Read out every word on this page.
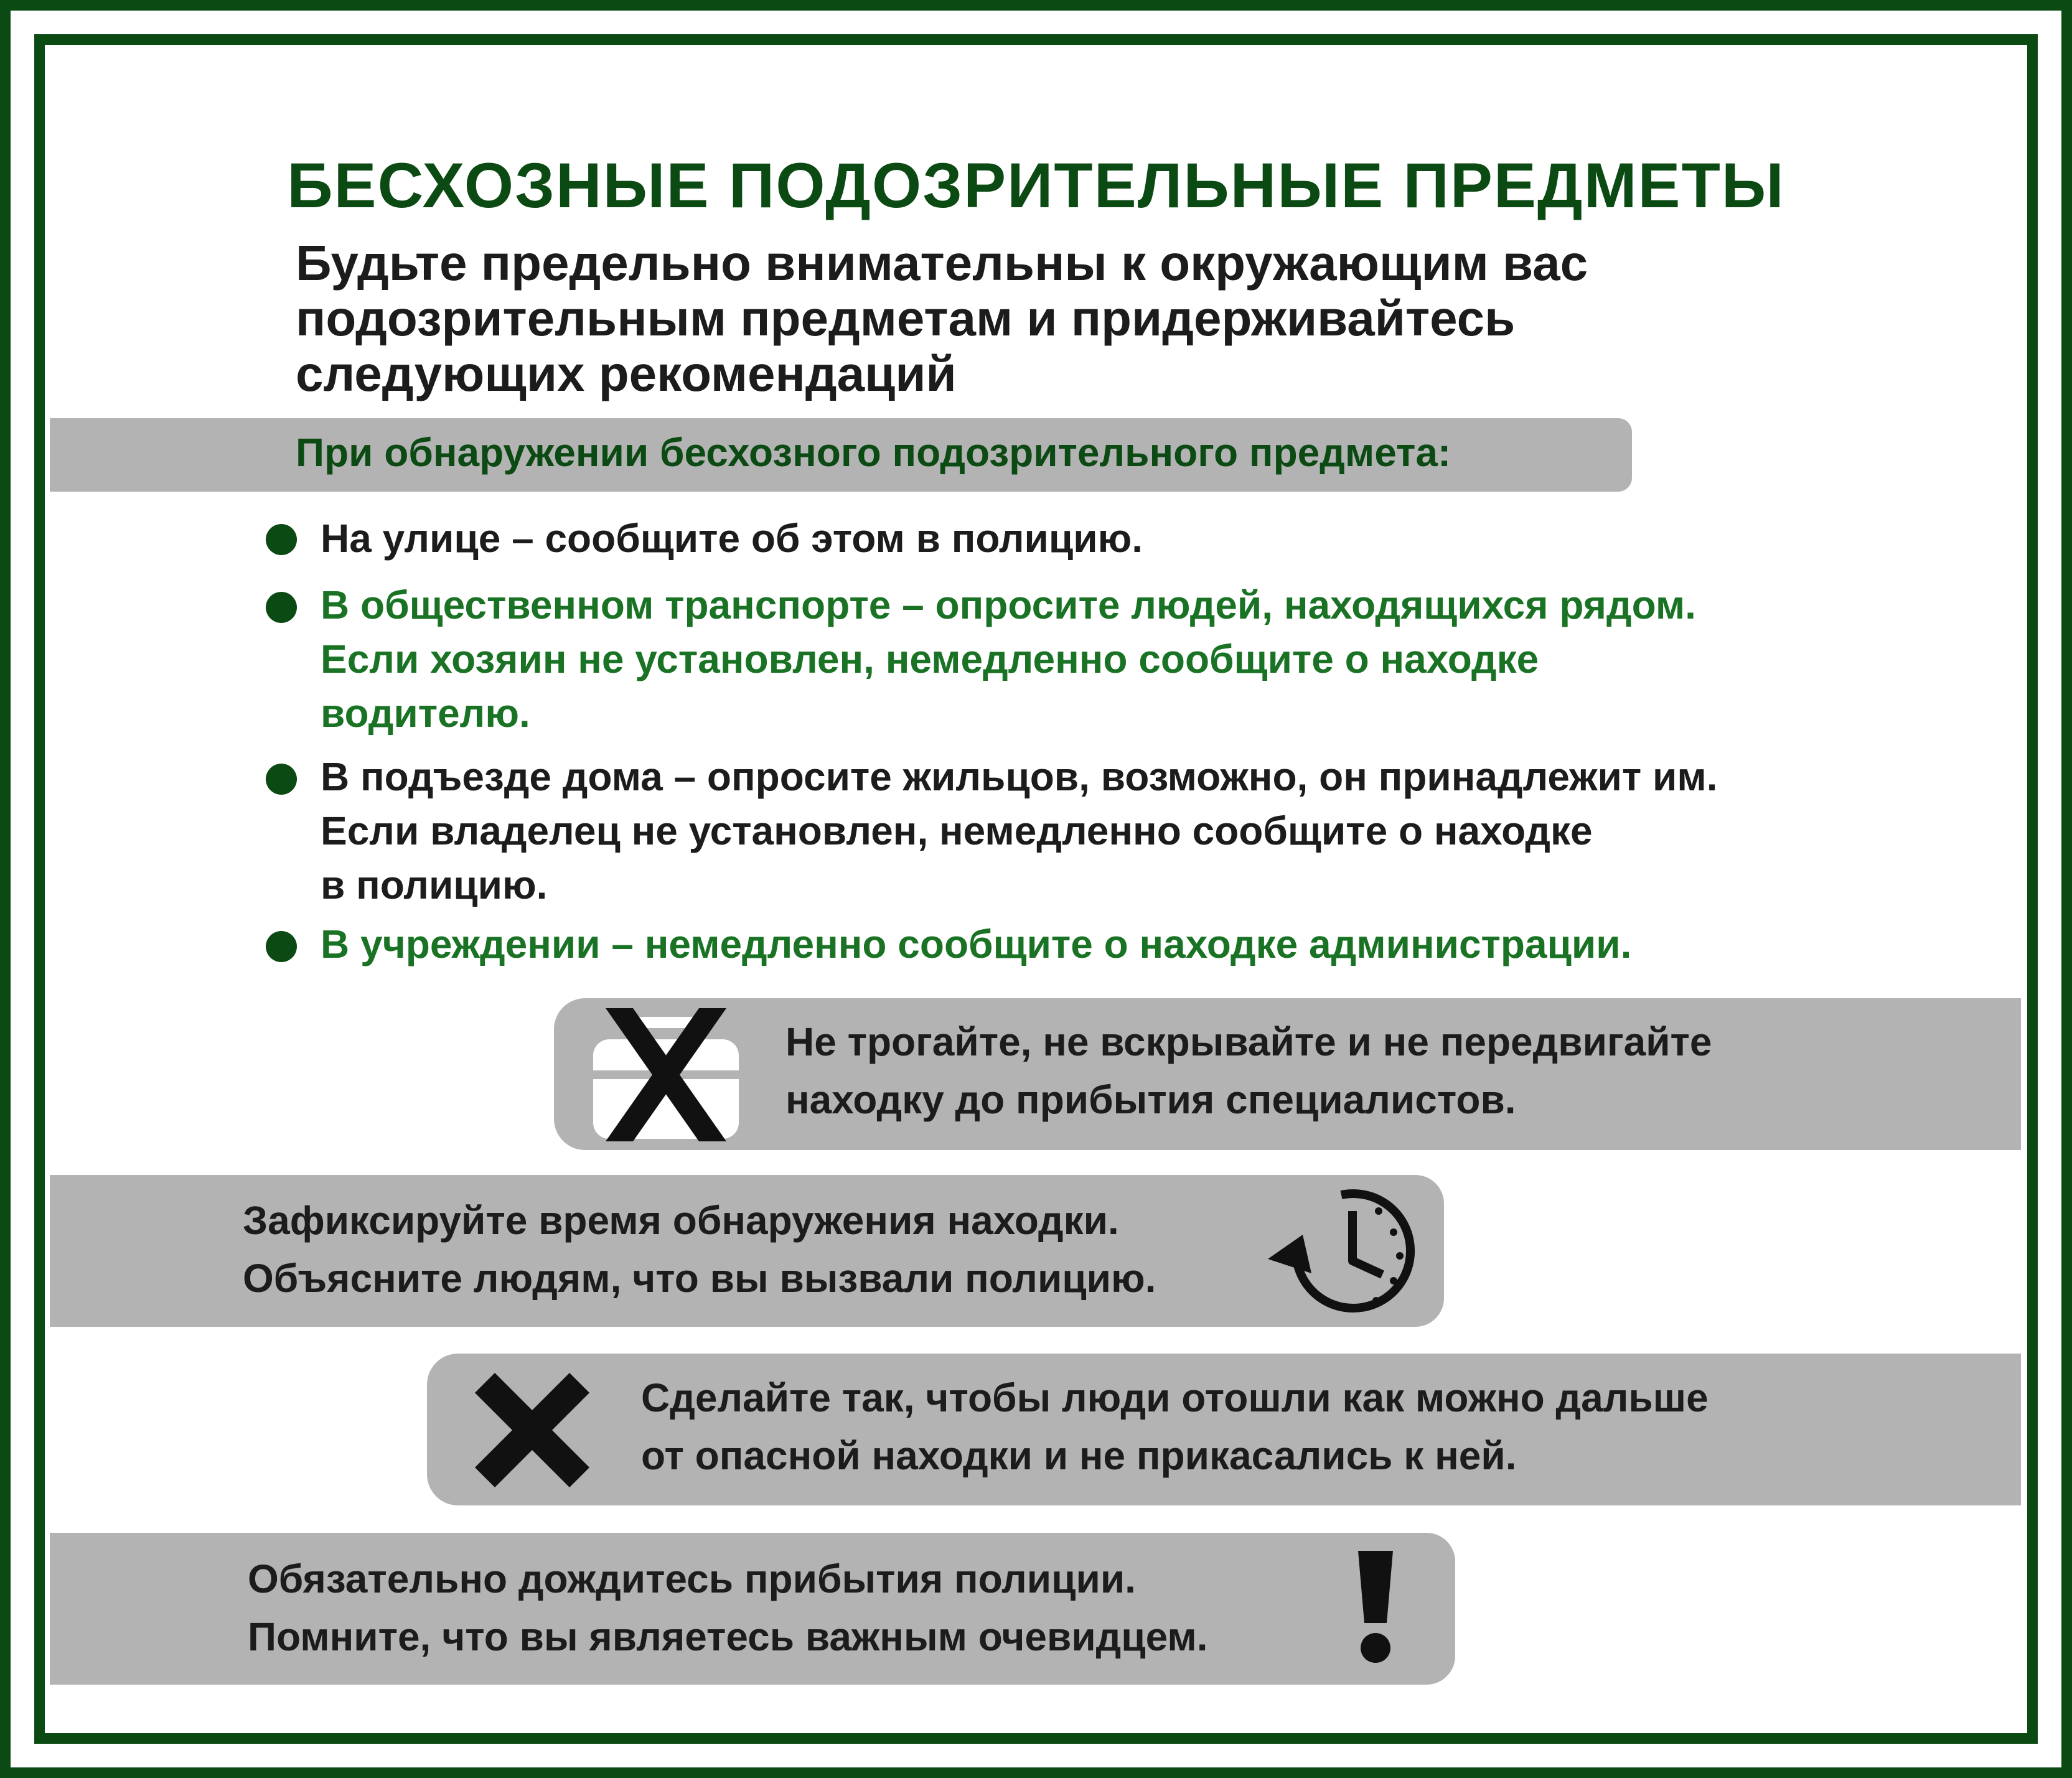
БЕСХОЗНЫЕ ПОДОЗРИТЕЛЬНЫЕ ПРЕДМЕТЫ
Будьте предельно внимательны к окружающим вас
подозрительным предметам и придерживайтесь
следующих рекомендаций
При обнаружении бесхозного подозрительного предмета:
На улице – сообщите об этом в полицию.
В общественном транспорте – опросите людей, находящихся рядом.
Если хозяин не установлен, немедленно сообщите о находке
водителю.
В подъезде дома – опросите жильцов, возможно, он принадлежит им.
Если владелец не установлен, немедленно сообщите о находке
в полицию.
В учреждении – немедленно сообщите о находке администрации.
Не трогайте, не вскрывайте и не передвигайте
находку до прибытия специалистов.
Зафиксируйте время обнаружения находки.
Объясните людям, что вы вызвали полицию.
Сделайте так, чтобы люди отошли как можно дальше
от опасной находки и не прикасались к ней.
Обязательно дождитесь прибытия полиции.
Помните, что вы являетесь важным очевидцем.
